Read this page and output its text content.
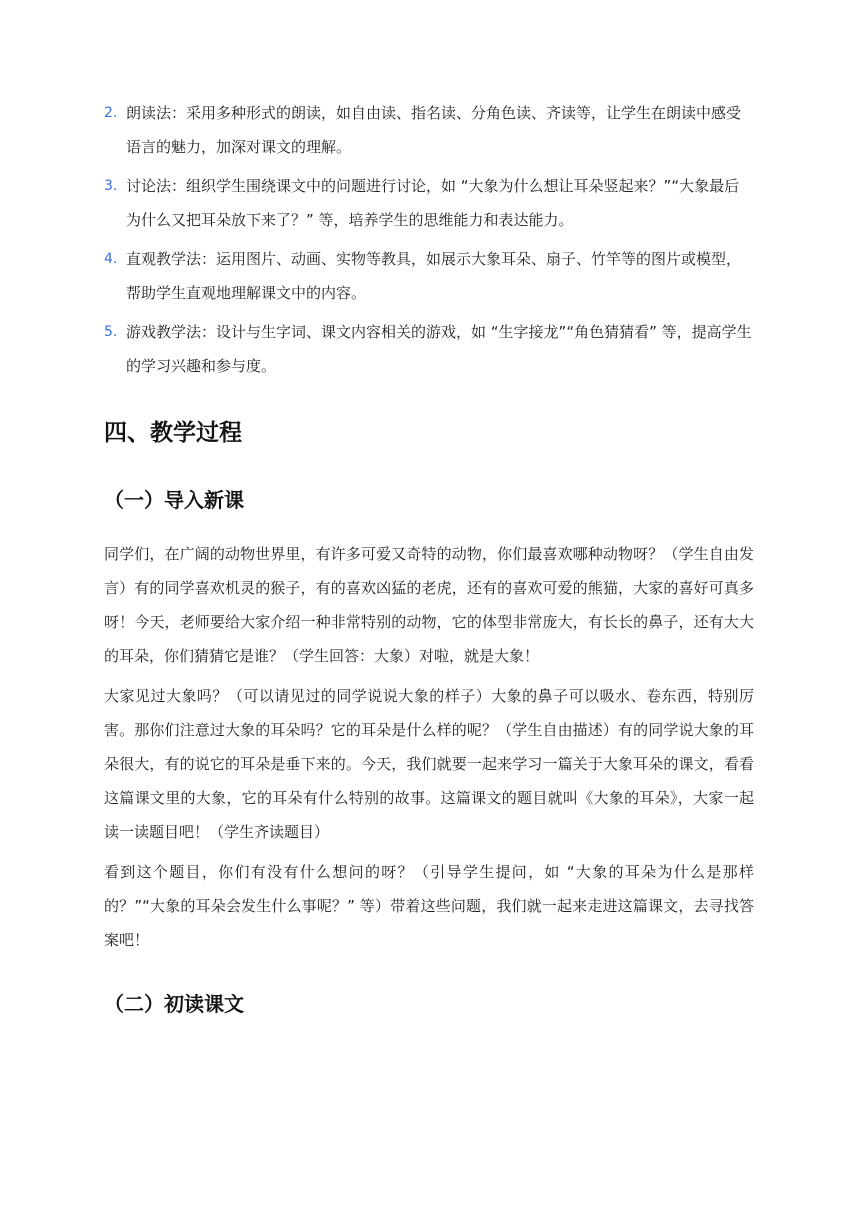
2. 朗读法：采用多种形式的朗读，如自由读、指名读、分角色读、齐读等，让学生在朗读中感受语言的魅力，加深对课文的理解。
3. 讨论法：组织学生围绕课文中的问题进行讨论，如 “大象为什么想让耳朵竖起来？”“大象最后为什么又把耳朵放下来了？” 等，培养学生的思维能力和表达能力。
4. 直观教学法：运用图片、动画、实物等教具，如展示大象耳朵、扇子、竹竿等的图片或模型，帮助学生直观地理解课文中的内容。
5. 游戏教学法：设计与生字词、课文内容相关的游戏，如 “生字接龙”“角色猜猜看” 等，提高学生的学习兴趣和参与度。
四、教学过程
（一）导入新课

同学们，在广阔的动物世界里，有许多可爱又奇特的动物，你们最喜欢哪种动物呀？（学生自由发言）有的同学喜欢机灵的猴子，有的喜欢凶猛的老虎，还有的喜欢可爱的熊猫，大家的喜好可真多呀！今天，老师要给大家介绍一种非常特别的动物，它的体型非常庞大，有长长的鼻子，还有大大的耳朵，你们猜猜它是谁？（学生回答：大象）对啦，就是大象！

大家见过大象吗？（可以请见过的同学说说大象的样子）大象的鼻子可以吸水、卷东西，特别厉害。那你们注意过大象的耳朵吗？它的耳朵是什么样的呢？（学生自由描述）有的同学说大象的耳朵很大，有的说它的耳朵是垂下来的。今天，我们就要一起来学习一篇关于大象耳朵的课文，看看这篇课文里的大象，它的耳朵有什么特别的故事。这篇课文的题目就叫《大象的耳朵》，大家一起读一读题目吧！（学生齐读题目）

看到这个题目，你们有没有什么想问的呀？（引导学生提问，如 “大象的耳朵为什么是那样的？”“大象的耳朵会发生什么事呢？” 等）带着这些问题，我们就一起来走进这篇课文，去寻找答案吧！

（二）初读课文
